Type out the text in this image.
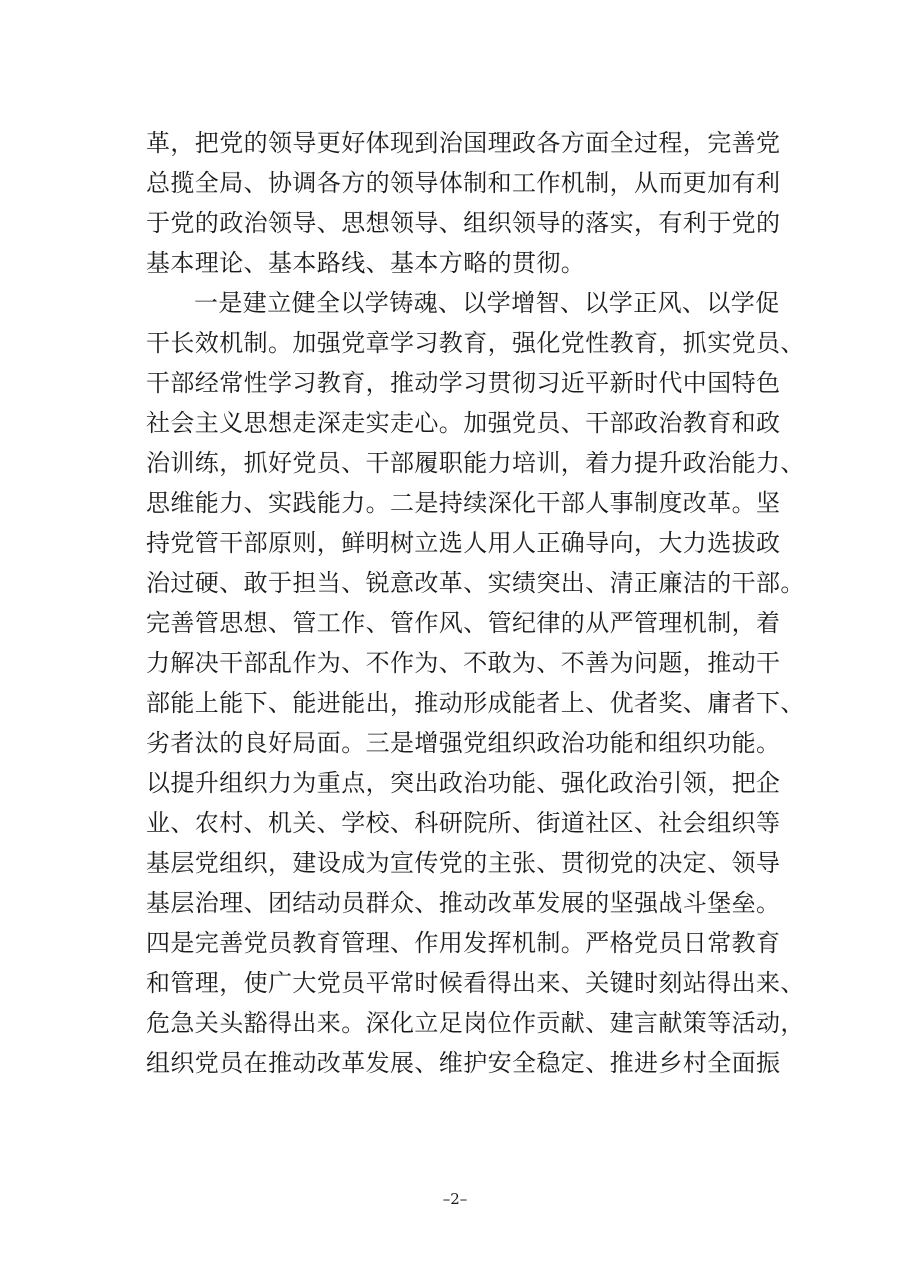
革，把党的领导更好体现到治国理政各方面全过程，完善党
总揽全局、协调各方的领导体制和工作机制，从而更加有利
于党的政治领导、思想领导、组织领导的落实，有利于党的
基本理论、基本路线、基本方略的贯彻。
一是建立健全以学铸魂、以学增智、以学正风、以学促
干长效机制。加强党章学习教育，强化党性教育，抓实党员、
干部经常性学习教育，推动学习贯彻习近平新时代中国特色
社会主义思想走深走实走心。加强党员、干部政治教育和政
治训练，抓好党员、干部履职能力培训，着力提升政治能力、
思维能力、实践能力。二是持续深化干部人事制度改革。坚
持党管干部原则，鲜明树立选人用人正确导向，大力选拔政
治过硬、敢于担当、锐意改革、实绩突出、清正廉洁的干部。
完善管思想、管工作、管作风、管纪律的从严管理机制，着
力解决干部乱作为、不作为、不敢为、不善为问题，推动干
部能上能下、能进能出，推动形成能者上、优者奖、庸者下、
劣者汰的良好局面。三是增强党组织政治功能和组织功能。
以提升组织力为重点，突出政治功能、强化政治引领，把企
业、农村、机关、学校、科研院所、街道社区、社会组织等
基层党组织，建设成为宣传党的主张、贯彻党的决定、领导
基层治理、团结动员群众、推动改革发展的坚强战斗堡垒。
四是完善党员教育管理、作用发挥机制。严格党员日常教育
和管理，使广大党员平常时候看得出来、关键时刻站得出来、
危急关头豁得出来。深化立足岗位作贡献、建言献策等活动，
组织党员在推动改革发展、维护安全稳定、推进乡村全面振
–2–
